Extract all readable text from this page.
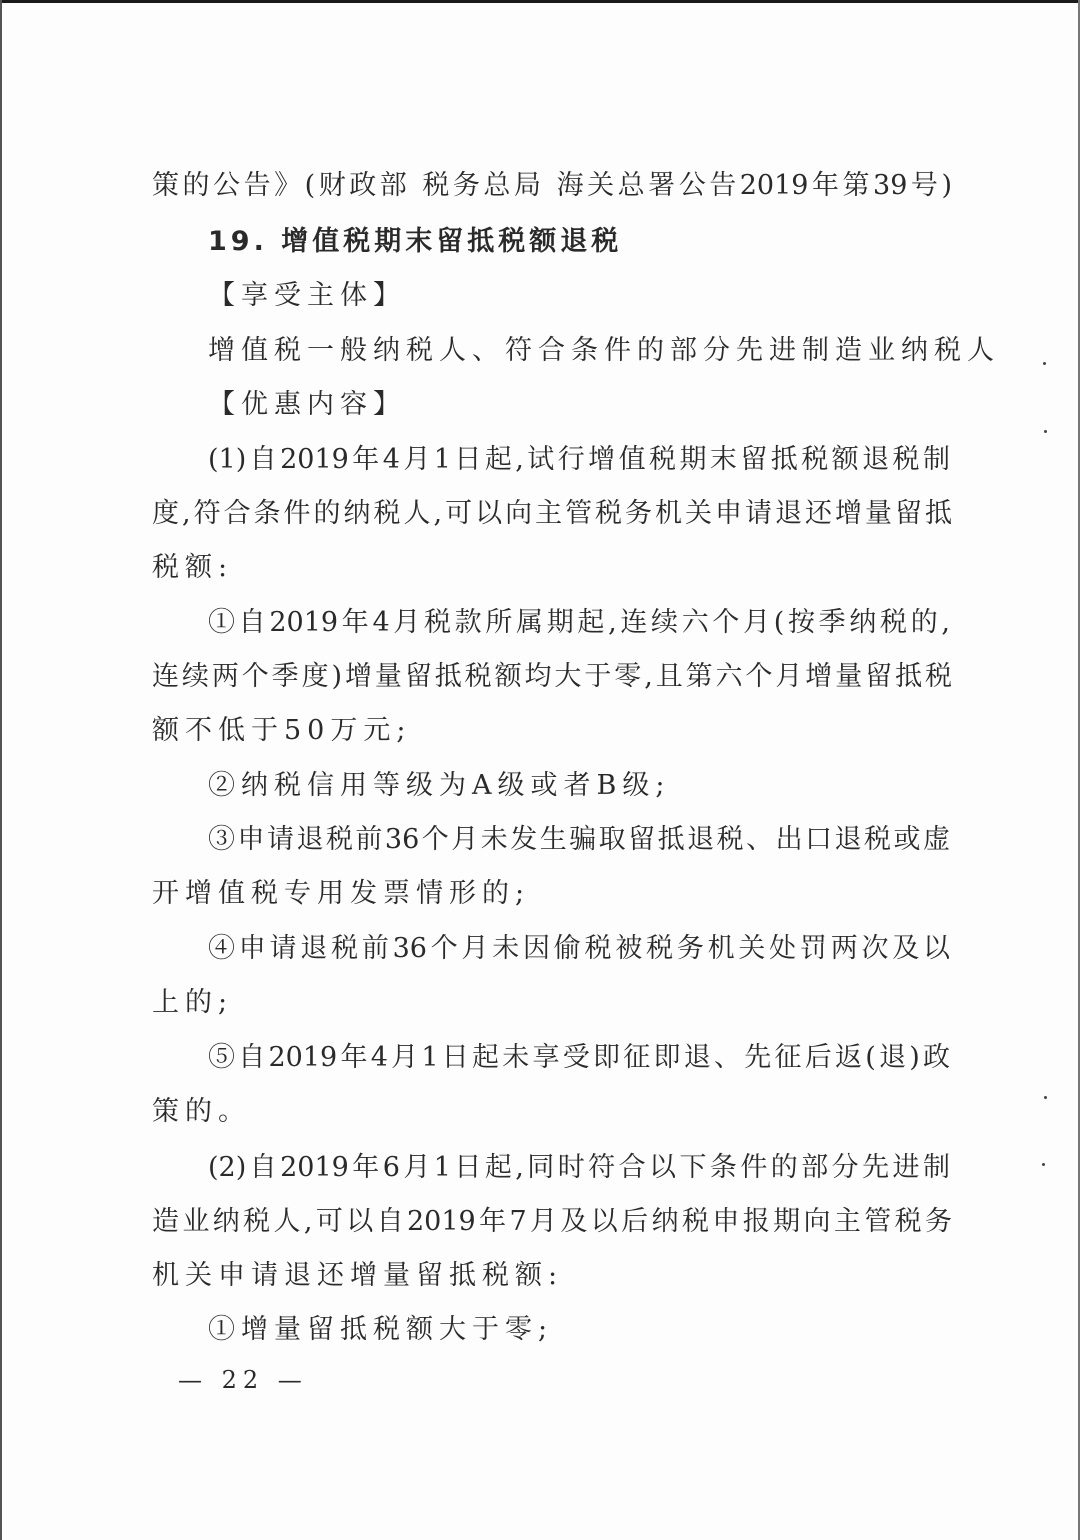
策的公告》(财政部 税务总局 海关总署公告2019年第39号)
19. 增值税期末留抵税额退税
【享受主体】
增值税一般纳税人、符合条件的部分先进制造业纳税人
【优惠内容】
(1)自2019年4月1日起,试行增值税期末留抵税额退税制
度,符合条件的纳税人,可以向主管税务机关申请退还增量留抵
税额:
①自2019年4月税款所属期起,连续六个月(按季纳税的,
连续两个季度)增量留抵税额均大于零,且第六个月增量留抵税
额不低于50万元;
②纳税信用等级为A级或者B级;
③申请退税前36个月未发生骗取留抵退税、出口退税或虚
开增值税专用发票情形的;
④申请退税前36个月未因偷税被税务机关处罚两次及以
上的;
⑤自2019年4月1日起未享受即征即退、先征后返(退)政
策的。
(2)自2019年6月1日起,同时符合以下条件的部分先进制
造业纳税人,可以自2019年7月及以后纳税申报期向主管税务
机关申请退还增量留抵税额:
①增量留抵税额大于零;
— 22 —
